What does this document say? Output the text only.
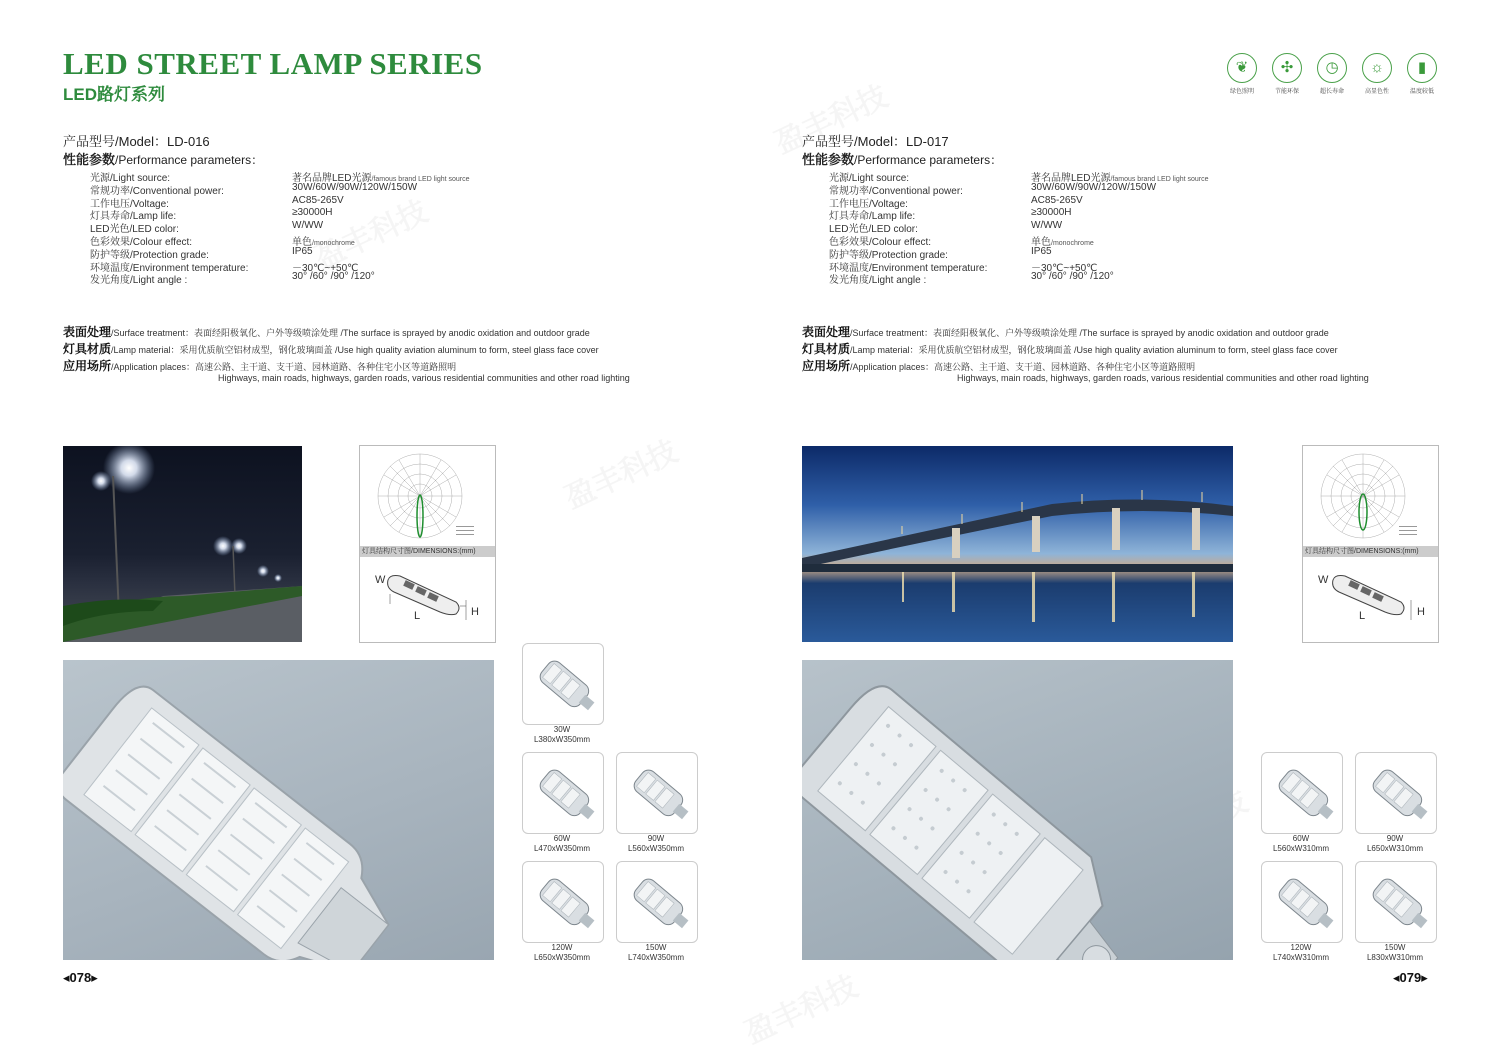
LED STREET LAMP SERIES
LED路灯系列
产品型号/Model：LD-016
性能参数/Performance parameters：
光源/Light source:	著名品牌LED光源/famous brand LED light source
常规功率/Conventional power:	30W/60W/90W/120W/150W
工作电压/Voltage:	AC85-265V
灯具寿命/Lamp life:	≥30000H
LED光色/LED color:	W/WW
色彩效果/Colour effect:	单色/monochrome
防护等级/Protection grade:	IP65
环境温度/Environment temperature:	－30℃~+50℃
发光角度/Light angle :	30° /60° /90° /120°
表面处理/Surface treatment：表面经阳极氧化、户外等级喷涂处理 /The surface is sprayed by anodic oxidation and outdoor grade
灯具材质/Lamp material：采用优质航空铝材成型，钢化玻璃面盖 /Use high quality aviation aluminum to form, steel glass face cover
应用场所/Application places：高速公路、主干道、支干道、园林道路、各种住宅小区等道路照明
Highways, main roads, highways, garden roads, various residential communities and other road lighting
灯具结构尺寸图/DIMENSIONS:(mm)
W
L	H
30W
L380xW350mm
60W
L470xW350mm
90W
L560xW350mm
120W
L650xW350mm
150W
L740xW350mm
◂078▸
❦
绿色照明
✣
节能环保
◷
超长寿命
☼
高显色性
▮
温度较低
产品型号/Model：LD-017
性能参数/Performance parameters：
光源/Light source:	著名品牌LED光源/famous brand LED light source
常规功率/Conventional power:	30W/60W/90W/120W/150W
工作电压/Voltage:	AC85-265V
灯具寿命/Lamp life:	≥30000H
LED光色/LED color:	W/WW
色彩效果/Colour effect:	单色/monochrome
防护等级/Protection grade:	IP65
环境温度/Environment temperature:	－30℃~+50℃
发光角度/Light angle :	30° /60° /90° /120°
表面处理/Surface treatment：表面经阳极氧化、户外等级喷涂处理 /The surface is sprayed by anodic oxidation and outdoor grade
灯具材质/Lamp material：采用优质航空铝材成型，钢化玻璃面盖 /Use high quality aviation aluminum to form, steel glass face cover
应用场所/Application places：高速公路、主干道、支干道、园林道路、各种住宅小区等道路照明
Highways, main roads, highways, garden roads, various residential communities and other road lighting
灯具结构尺寸图/DIMENSIONS:(mm)
W
L	H
60W
L560xW310mm
90W
L650xW310mm
120W
L740xW310mm
150W
L830xW310mm
◂079▸
